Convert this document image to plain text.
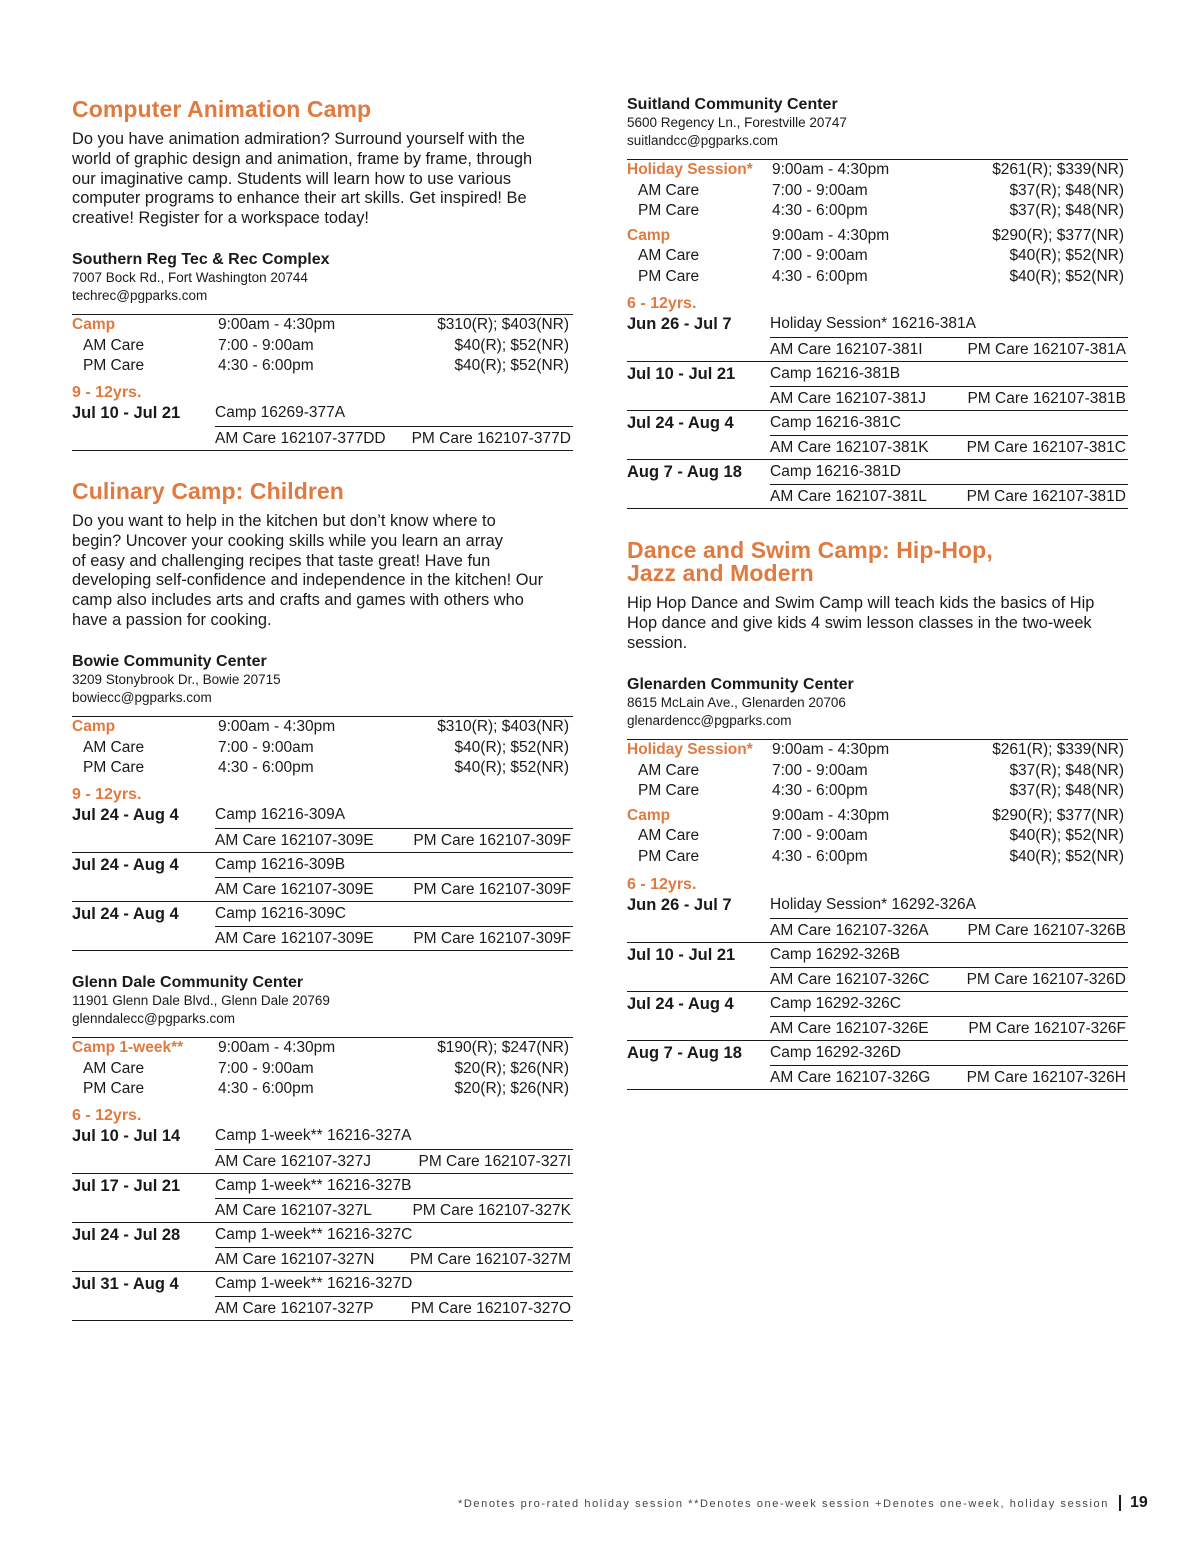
Computer Animation Camp
Do you have animation admiration? Surround yourself with the
world of graphic design and animation, frame by frame, through
our imaginative camp. Students will learn how to use various
computer programs to enhance their art skills. Get inspired! Be
creative! Register for a workspace today!
Southern Reg Tec & Rec Complex
7007 Bock Rd., Fort Washington 20744
techrec@pgparks.com
Camp	9:00am - 4:30pm	$310(R); $403(NR)
AM Care	7:00 - 9:00am	$40(R); $52(NR)
PM Care	4:30 - 6:00pm	$40(R); $52(NR)
9 - 12yrs.
Jul 10 - Jul 21 Camp 16269-377A
AM Care 162107-377DD PM Care 162107-377D
Culinary Camp: Children
Do you want to help in the kitchen but don’t know where to
begin? Uncover your cooking skills while you learn an array
of easy and challenging recipes that taste great! Have fun
developing self-confidence and independence in the kitchen! Our
camp also includes arts and crafts and games with others who
have a passion for cooking.
Bowie Community Center
3209 Stonybrook Dr., Bowie 20715
bowiecc@pgparks.com
Camp	9:00am - 4:30pm	$310(R); $403(NR)
AM Care	7:00 - 9:00am	$40(R); $52(NR)
PM Care	4:30 - 6:00pm	$40(R); $52(NR)
9 - 12yrs.
Jul 24 - Aug 4 Camp 16216-309A
AM Care 162107-309E	PM Care 162107-309F
Jul 24 - Aug 4 Camp 16216-309B
AM Care 162107-309E	PM Care 162107-309F
Jul 24 - Aug 4 Camp 16216-309C
AM Care 162107-309E	PM Care 162107-309F
Glenn Dale Community Center
11901 Glenn Dale Blvd., Glenn Dale 20769
glenndalecc@pgparks.com
Camp 1-week** 9:00am - 4:30pm	$190(R); $247(NR)
AM Care	7:00 - 9:00am	$20(R); $26(NR)
PM Care	4:30 - 6:00pm	$20(R); $26(NR)
6 - 12yrs.
Jul 10 - Jul 14 Camp 1-week** 16216-327A
AM Care 162107-327J	PM Care 162107-327I
Jul 17 - Jul 21 Camp 1-week** 16216-327B
AM Care 162107-327L	PM Care 162107-327K
Jul 24 - Jul 28 Camp 1-week** 16216-327C
AM Care 162107-327N PM Care 162107-327M
Jul 31 - Aug 4 Camp 1-week** 16216-327D
AM Care 162107-327P PM Care 162107-327O
Suitland Community Center
5600 Regency Ln., Forestville 20747
suitlandcc@pgparks.com
Holiday Session* 9:00am - 4:30pm	$261(R); $339(NR)
AM Care	7:00 - 9:00am	$37(R); $48(NR)
PM Care	4:30 - 6:00pm	$37(R); $48(NR)
Camp	9:00am - 4:30pm	$290(R); $377(NR)
AM Care	7:00 - 9:00am	$40(R); $52(NR)
PM Care	4:30 - 6:00pm	$40(R); $52(NR)
6 - 12yrs.
Jun 26 - Jul 7 Holiday Session* 16216-381A
AM Care 162107-381I	PM Care 162107-381A
Jul 10 - Jul 21 Camp 16216-381B
AM Care 162107-381J	PM Care 162107-381B
Jul 24 - Aug 4 Camp 16216-381C
AM Care 162107-381K PM Care 162107-381C
Aug 7 - Aug 18 Camp 16216-381D
AM Care 162107-381L	PM Care 162107-381D
Dance and Swim Camp: Hip-Hop,
Jazz and Modern
Hip Hop Dance and Swim Camp will teach kids the basics of Hip
Hop dance and give kids 4 swim lesson classes in the two-week
session.
Glenarden Community Center
8615 McLain Ave., Glenarden 20706
glenardencc@pgparks.com
Holiday Session* 9:00am - 4:30pm	$261(R); $339(NR)
AM Care	7:00 - 9:00am	$37(R); $48(NR)
PM Care	4:30 - 6:00pm	$37(R); $48(NR)
Camp	9:00am - 4:30pm	$290(R); $377(NR)
AM Care	7:00 - 9:00am	$40(R); $52(NR)
PM Care	4:30 - 6:00pm	$40(R); $52(NR)
6 - 12yrs.
Jun 26 - Jul 7 Holiday Session* 16292-326A
AM Care 162107-326A	PM Care 162107-326B
Jul 10 - Jul 21 Camp 16292-326B
AM Care 162107-326C PM Care 162107-326D
Jul 24 - Aug 4 Camp 16292-326C
AM Care 162107-326E	PM Care 162107-326F
Aug 7 - Aug 18 Camp 16292-326D
AM Care 162107-326G PM Care 162107-326H
*Denotes pro-rated holiday session **Denotes one-week session +Denotes one-week, holiday session 19
